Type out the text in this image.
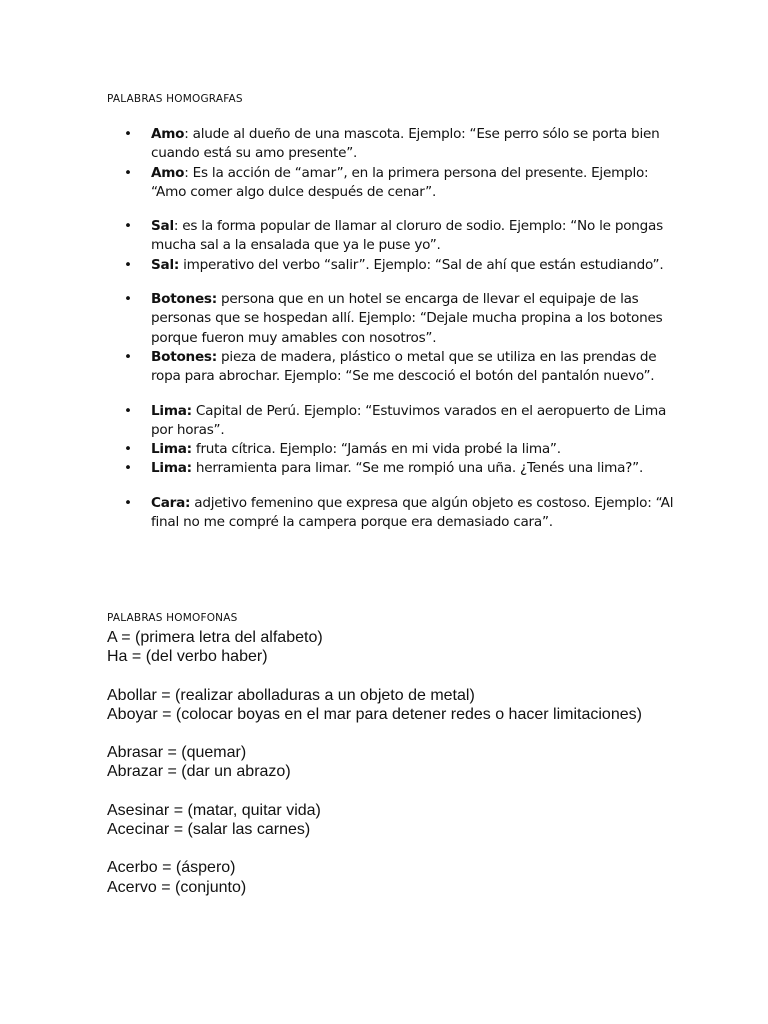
PALABRAS HOMOGRAFAS
• Amo: alude al dueño de una mascota. Ejemplo: “Ese perro sólo se porta bien cuando está su amo presente”.
• Amo: Es la acción de “amar”, en la primera persona del presente. Ejemplo: “Amo comer algo dulce después de cenar”.
• Sal: es la forma popular de llamar al cloruro de sodio. Ejemplo: “No le pongas mucha sal a la ensalada que ya le puse yo”.
• Sal: imperativo del verbo “salir”. Ejemplo: “Sal de ahí que están estudiando”.
• Botones: persona que en un hotel se encarga de llevar el equipaje de las personas que se hospedan allí. Ejemplo: “Dejale mucha propina a los botones porque fueron muy amables con nosotros”.
• Botones: pieza de madera, plástico o metal que se utiliza en las prendas de ropa para abrochar. Ejemplo: “Se me descoció el botón del pantalón nuevo”.
• Lima: Capital de Perú. Ejemplo: “Estuvimos varados en el aeropuerto de Lima por horas”.
• Lima: fruta cítrica. Ejemplo: “Jamás en mi vida probé la lima”.
• Lima: herramienta para limar. “Se me rompió una uña. ¿Tenés una lima?”.
• Cara: adjetivo femenino que expresa que algún objeto es costoso. Ejemplo: “Al final no me compré la campera porque era demasiado cara”.
PALABRAS HOMOFONAS
A = (primera letra del alfabeto)
Ha = (del verbo haber)
Abollar = (realizar abolladuras a un objeto de metal)
Aboyar = (colocar boyas en el mar para detener redes o hacer limitaciones)
Abrasar = (quemar)
Abrazar = (dar un abrazo)
Asesinar = (matar, quitar vida)
Acecinar = (salar las carnes)
Acerbo = (áspero)
Acervo = (conjunto)
